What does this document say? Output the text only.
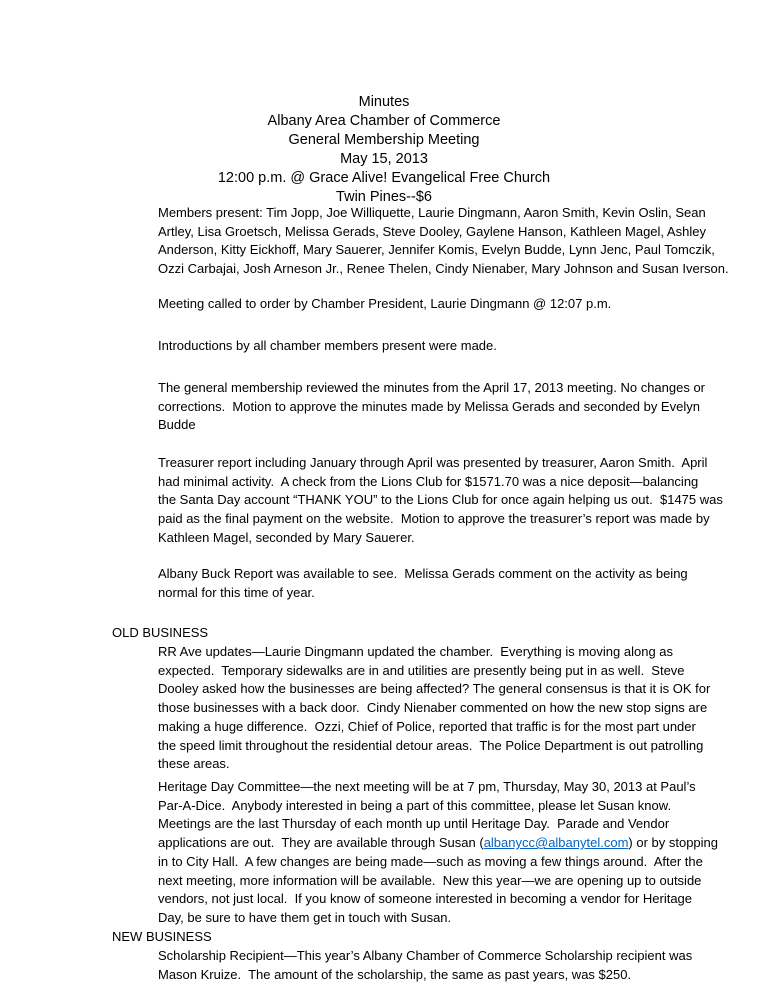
Minutes
Albany Area Chamber of Commerce
General Membership Meeting
May 15, 2013
12:00 p.m. @ Grace Alive! Evangelical Free Church
Twin Pines--$6
Members present: Tim Jopp, Joe Williquette, Laurie Dingmann, Aaron Smith, Kevin Oslin, Sean
Artley, Lisa Groetsch, Melissa Gerads, Steve Dooley, Gaylene Hanson, Kathleen Magel, Ashley
Anderson, Kitty Eickhoff, Mary Sauerer, Jennifer Komis, Evelyn Budde, Lynn Jenc, Paul Tomczik,
Ozzi Carbajai, Josh Arneson Jr., Renee Thelen, Cindy Nienaber, Mary Johnson and Susan Iverson.
Meeting called to order by Chamber President, Laurie Dingmann @ 12:07 p.m.
Introductions by all chamber members present were made.
The general membership reviewed the minutes from the April 17, 2013 meeting. No changes or
corrections.  Motion to approve the minutes made by Melissa Gerads and seconded by Evelyn
Budde
Treasurer report including January through April was presented by treasurer, Aaron Smith.  April
had minimal activity.  A check from the Lions Club for $1571.70 was a nice deposit—balancing
the Santa Day account “THANK YOU” to the Lions Club for once again helping us out.  $1475 was
paid as the final payment on the website.  Motion to approve the treasurer’s report was made by
Kathleen Magel, seconded by Mary Sauerer.
Albany Buck Report was available to see.  Melissa Gerads comment on the activity as being
normal for this time of year.
OLD BUSINESS
RR Ave updates—Laurie Dingmann updated the chamber.  Everything is moving along as
expected.  Temporary sidewalks are in and utilities are presently being put in as well.  Steve
Dooley asked how the businesses are being affected? The general consensus is that it is OK for
those businesses with a back door.  Cindy Nienaber commented on how the new stop signs are
making a huge difference.  Ozzi, Chief of Police, reported that traffic is for the most part under
the speed limit throughout the residential detour areas.  The Police Department is out patrolling
these areas.
Heritage Day Committee—the next meeting will be at 7 pm, Thursday, May 30, 2013 at Paul’s
Par-A-Dice.  Anybody interested in being a part of this committee, please let Susan know.
Meetings are the last Thursday of each month up until Heritage Day.  Parade and Vendor
applications are out.  They are available through Susan (albanycc@albanytel.com) or by stopping
in to City Hall.  A few changes are being made—such as moving a few things around.  After the
next meeting, more information will be available.  New this year—we are opening up to outside
vendors, not just local.  If you know of someone interested in becoming a vendor for Heritage
Day, be sure to have them get in touch with Susan.
NEW BUSINESS
Scholarship Recipient—This year’s Albany Chamber of Commerce Scholarship recipient was
Mason Kruize.  The amount of the scholarship, the same as past years, was $250.
